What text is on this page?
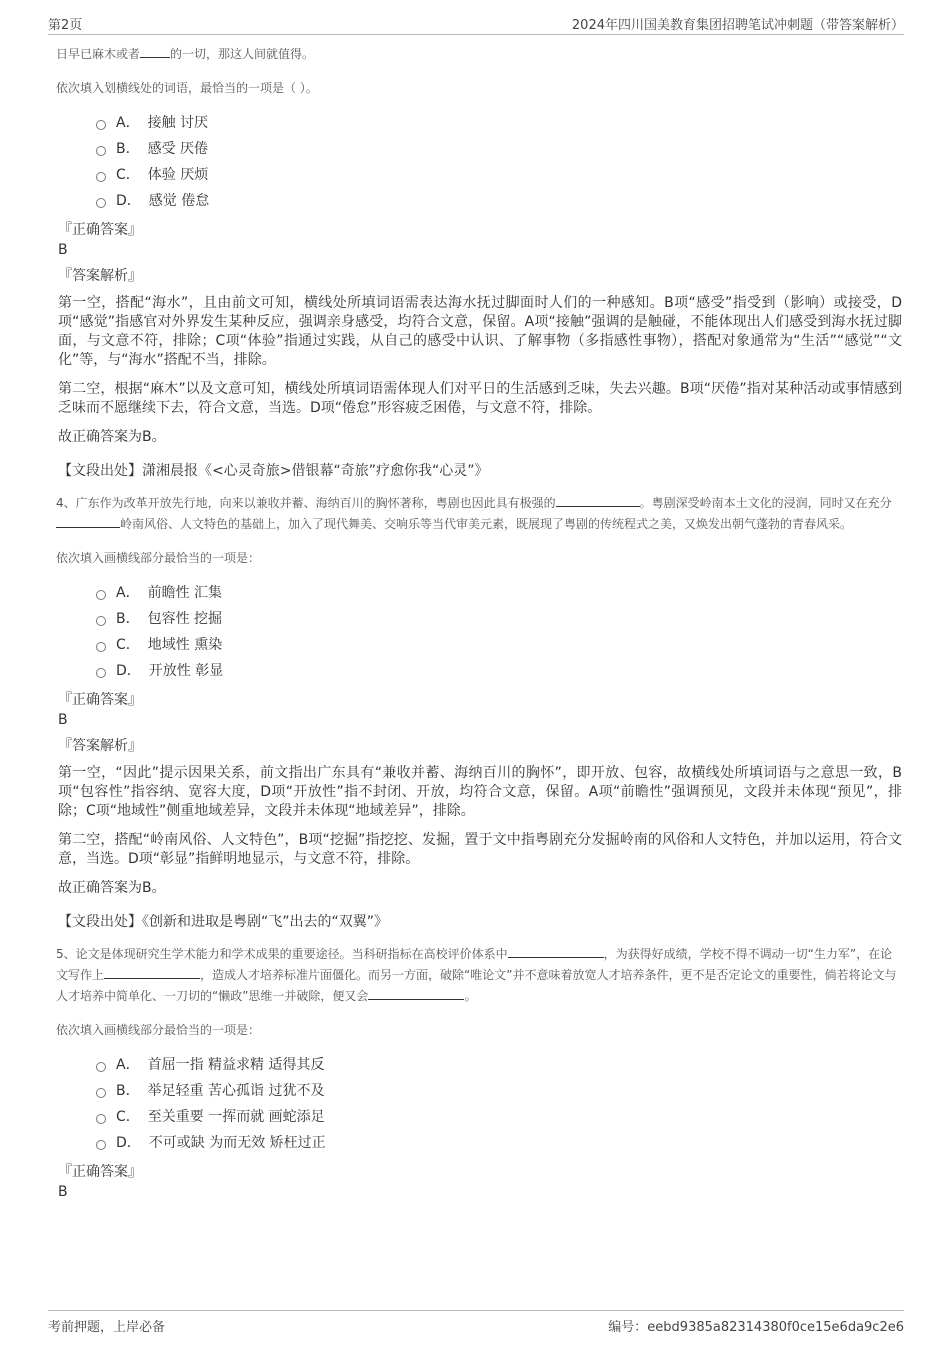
第2页	2024年四川国美教育集团招聘笔试冲刺题（带答案解析）

日早已麻木或者	的一切，那这人间就值得。

依次填入划横线处的词语，最恰当的一项是（ ）。

A． 接触 讨厌
B． 感受 厌倦
C． 体验 厌烦
D． 感觉 倦怠
『正确答案』
B
『答案解析』

第一空，搭配“海水”，且由前文可知，横线处所填词语需表达海水抚过脚面时人们的一种感知。B项“感受”指受到（影响）或接受，D项“感觉”指感官对外界发生某种反应，强调亲身感受，均符合文意，保留。A项“接触”强调的是触碰，不能体现出人们感受到海水抚过脚面，与文意不符，排除；C项“体验”指通过实践，从自己的感受中认识、了解事物（多指感性事物），搭配对象通常为“生活”“感觉”“文化”等，与“海水”搭配不当，排除。

第二空，根据“麻木”以及文意可知，横线处所填词语需体现人们对平日的生活感到乏味，失去兴趣。B项“厌倦”指对某种活动或事情感到乏味而不愿继续下去，符合文意，当选。D项“倦怠”形容疲乏困倦，与文意不符，排除。

故正确答案为B。

【文段出处】潇湘晨报《<心灵奇旅>借银幕“奇旅”疗愈你我“心灵”》

4、广东作为改革开放先行地，向来以兼收并蓄、海纳百川的胸怀著称，粤剧也因此具有极强的	。粤剧深受岭南本土文化的浸润，同时又在充分岭南风俗、人文特色的基础上，加入了现代舞美、交响乐等当代审美元素，既展现了粤剧的传统程式之美，又焕发出朝气蓬勃的青春风采。

依次填入画横线部分最恰当的一项是：

A． 前瞻性 汇集
B． 包容性 挖掘
C． 地域性 熏染
D． 开放性 彰显
『正确答案』
B
『答案解析』

第一空，“因此”提示因果关系，前文指出广东具有“兼收并蓄、海纳百川的胸怀”，即开放、包容，故横线处所填词语与之意思一致，B项“包容性”指容纳、宽容大度，D项“开放性”指不封闭、开放，均符合文意，保留。A项“前瞻性”强调预见，文段并未体现“预见”，排除；C项“地域性”侧重地域差异，文段并未体现“地域差异”，排除。

第二空，搭配“岭南风俗、人文特色”，B项“挖掘”指挖挖、发掘，置于文中指粤剧充分发掘岭南的风俗和人文特色，并加以运用，符合文意，当选。D项“彰显”指鲜明地显示，与文意不符，排除。

故正确答案为B。

【文段出处】《创新和进取是粤剧“飞”出去的“双翼”》

5、论文是体现研究生学术能力和学术成果的重要途径。当科研指标在高校评价体系中	，为获得好成绩，学校不得不调动一切“生力军”，在论文写作上	，造成人才培养标准片面僵化。而另一方面，破除“唯论文”并不意味着放宽人才培养条件，更不是否定论文的重要性，倘若将论文与人才培养中简单化、一刀切的“懒政”思维一并破除，便又会	。

依次填入画横线部分最恰当的一项是：

A． 首屈一指 精益求精 适得其反
B． 举足轻重 苦心孤诣 过犹不及
C． 至关重要 一挥而就 画蛇添足
D． 不可或缺 为而无效 矫枉过正
『正确答案』
B
考前押题，上岸必备	编号：eebd9385a82314380f0ce15e6da9c2e6
